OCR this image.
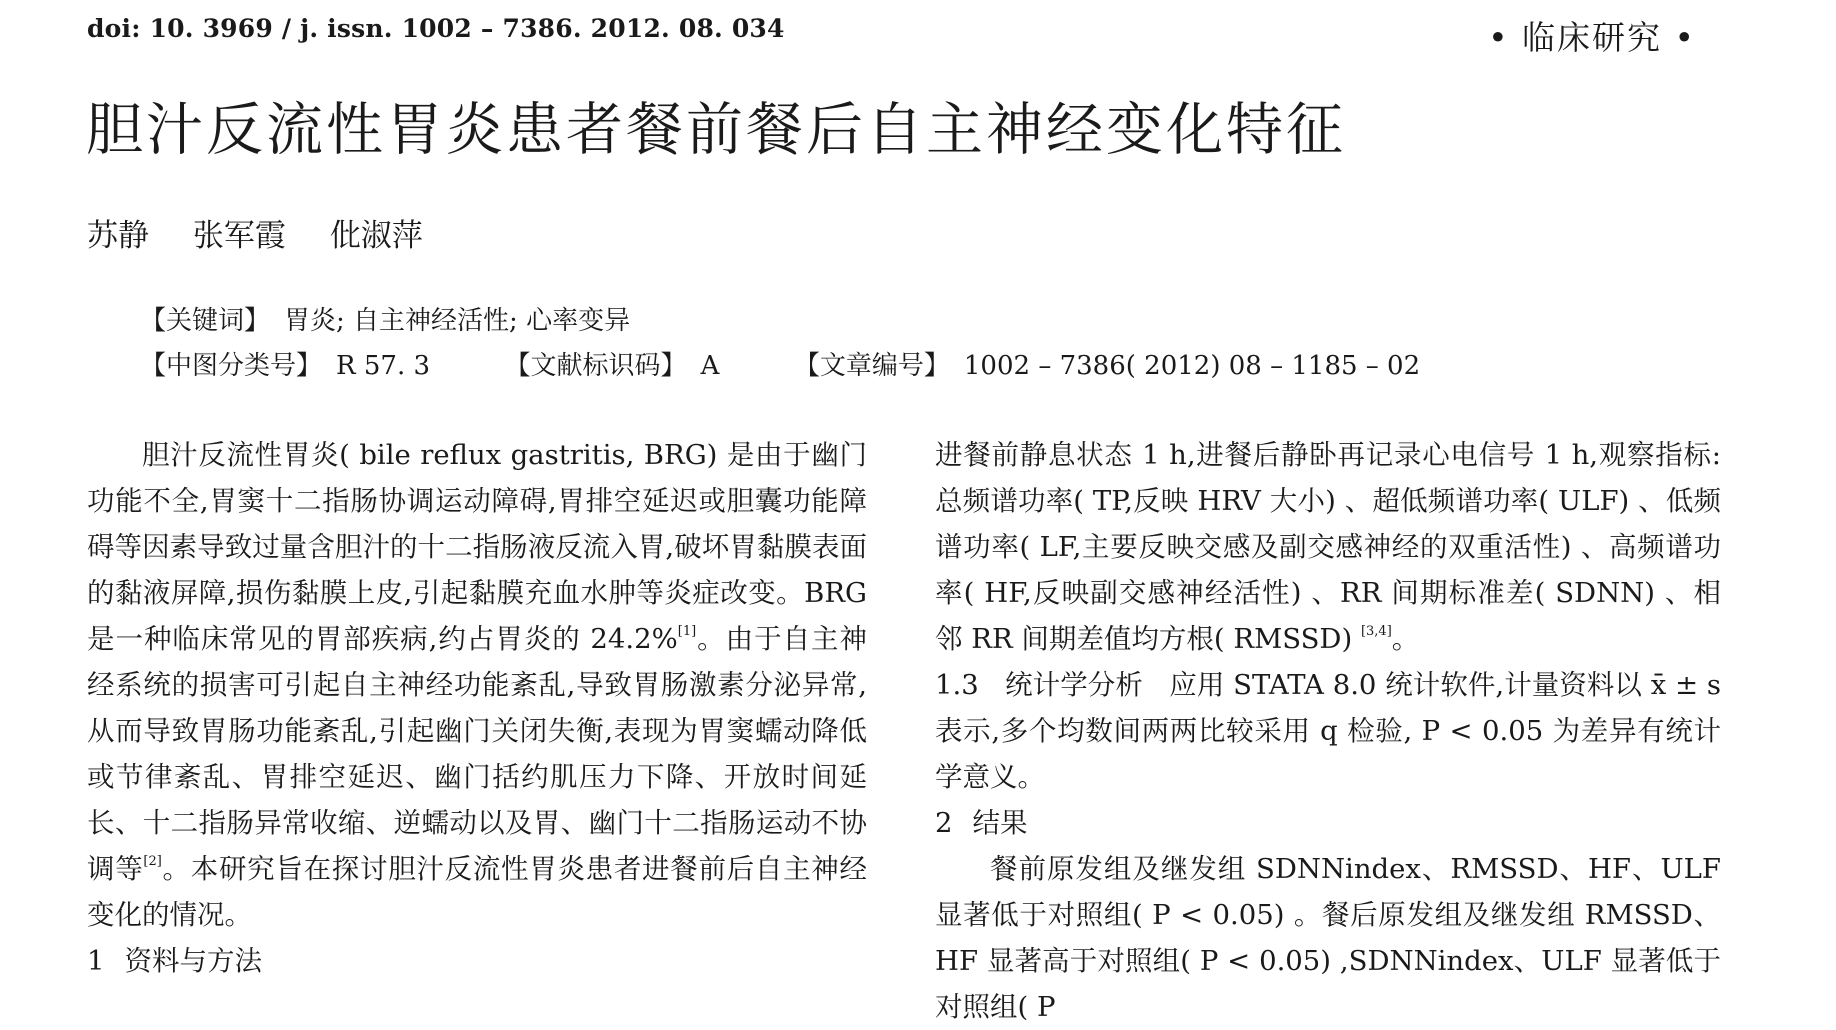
doi: 10. 3969 / j. issn. 1002 – 7386. 2012. 08. 034	• 临床研究 •
胆汁反流性胃炎患者餐前餐后自主神经变化特征
苏静 张军霞 仳淑萍
【关键词】 胃炎; 自主神经活性; 心率变异
【中图分类号】 R 57. 3	【文献标识码】 A	【文章编号】 1002 – 7386( 2012) 08 – 1185 – 02

胆汁反流性胃炎( bile reflux gastritis, BRG) 是由于幽门功能不全,胃窦十二指肠协调运动障碍,胃排空延迟或胆囊功能障碍等因素导致过量含胆汁的十二指肠液反流入胃,破坏胃黏膜表面的黏液屏障,损伤黏膜上皮,引起黏膜充血水肿等炎症改变。BRG 是一种临床常见的胃部疾病,约占胃炎的 24.2%[1]。由于自主神经系统的损害可引起自主神经功能紊乱,导致胃肠激素分泌异常,从而导致胃肠功能紊乱,引起幽门关闭失衡,表现为胃窦蠕动降低或节律紊乱、胃排空延迟、幽门括约肌压力下降、开放时间延长、十二指肠异常收缩、逆蠕动以及胃、幽门十二指肠运动不协调等[2]。本研究旨在探讨胆汁反流性胃炎患者进餐前后自主神经变化的情况。

1 资料与方法

进餐前静息状态 1 h,进餐后静卧再记录心电信号 1 h,观察指标: 总频谱功率( TP,反映 HRV 大小) 、超低频谱功率( ULF) 、低频谱功率( LF,主要反映交感及副交感神经的双重活性) 、高频谱功率( HF,反映副交感神经活性) 、RR 间期标准差( SDNN) 、相邻 RR 间期差值均方根( RMSSD) [3,4]。

1.3 统计学分析 应用 STATA 8.0 统计软件,计量资料以 x̄ ± s 表示,多个均数间两两比较采用 q 检验, P < 0.05 为差异有统计学意义。

2 结果

餐前原发组及继发组 SDNNindex、RMSSD、HF、ULF 显著低于对照组( P < 0.05) 。餐后原发组及继发组 RMSSD、HF 显著高于对照组( P < 0.05) ,SDNNindex、ULF 显著低于对照组( P
